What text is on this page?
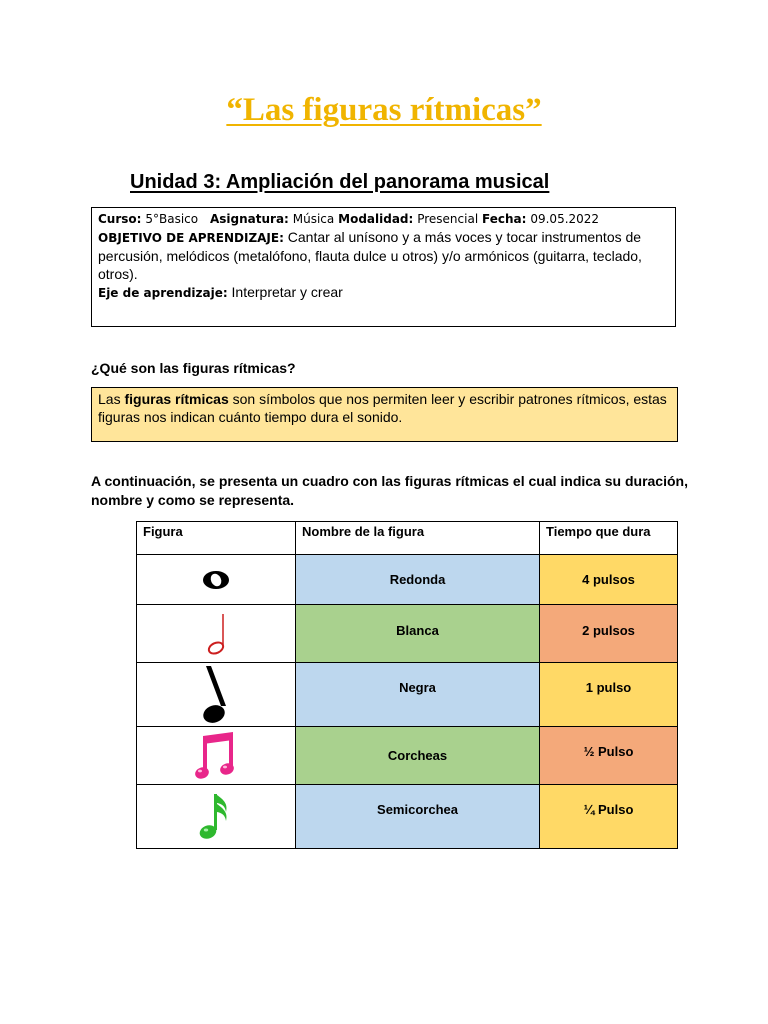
“Las figuras rítmicas”
Unidad 3: Ampliación del panorama musical
Curso: 5°Basico Asignatura: Música Modalidad: Presencial Fecha: 09.05.2022
OBJETIVO DE APRENDIZAJE: Cantar al unísono y a más voces y tocar instrumentos de percusión, melódicos (metalófono, flauta dulce u otros) y/o armónicos (guitarra, teclado, otros).
Eje de aprendizaje: Interpretar y crear
¿Qué son las figuras rítmicas?
Las figuras rítmicas son símbolos que nos permiten leer y escribir patrones rítmicos, estas figuras nos indican cuánto tiempo dura el sonido.
A continuación, se presenta un cuadro con las figuras rítmicas el cual indica su duración, nombre y como se representa.
Figura	Nombre de la figura	Tiempo que dura

	Redonda	4 pulsos

	Blanca	2 pulsos

	Negra	1 pulso

	Corcheas	½ Pulso

	Semicorchea	¼ Pulso
